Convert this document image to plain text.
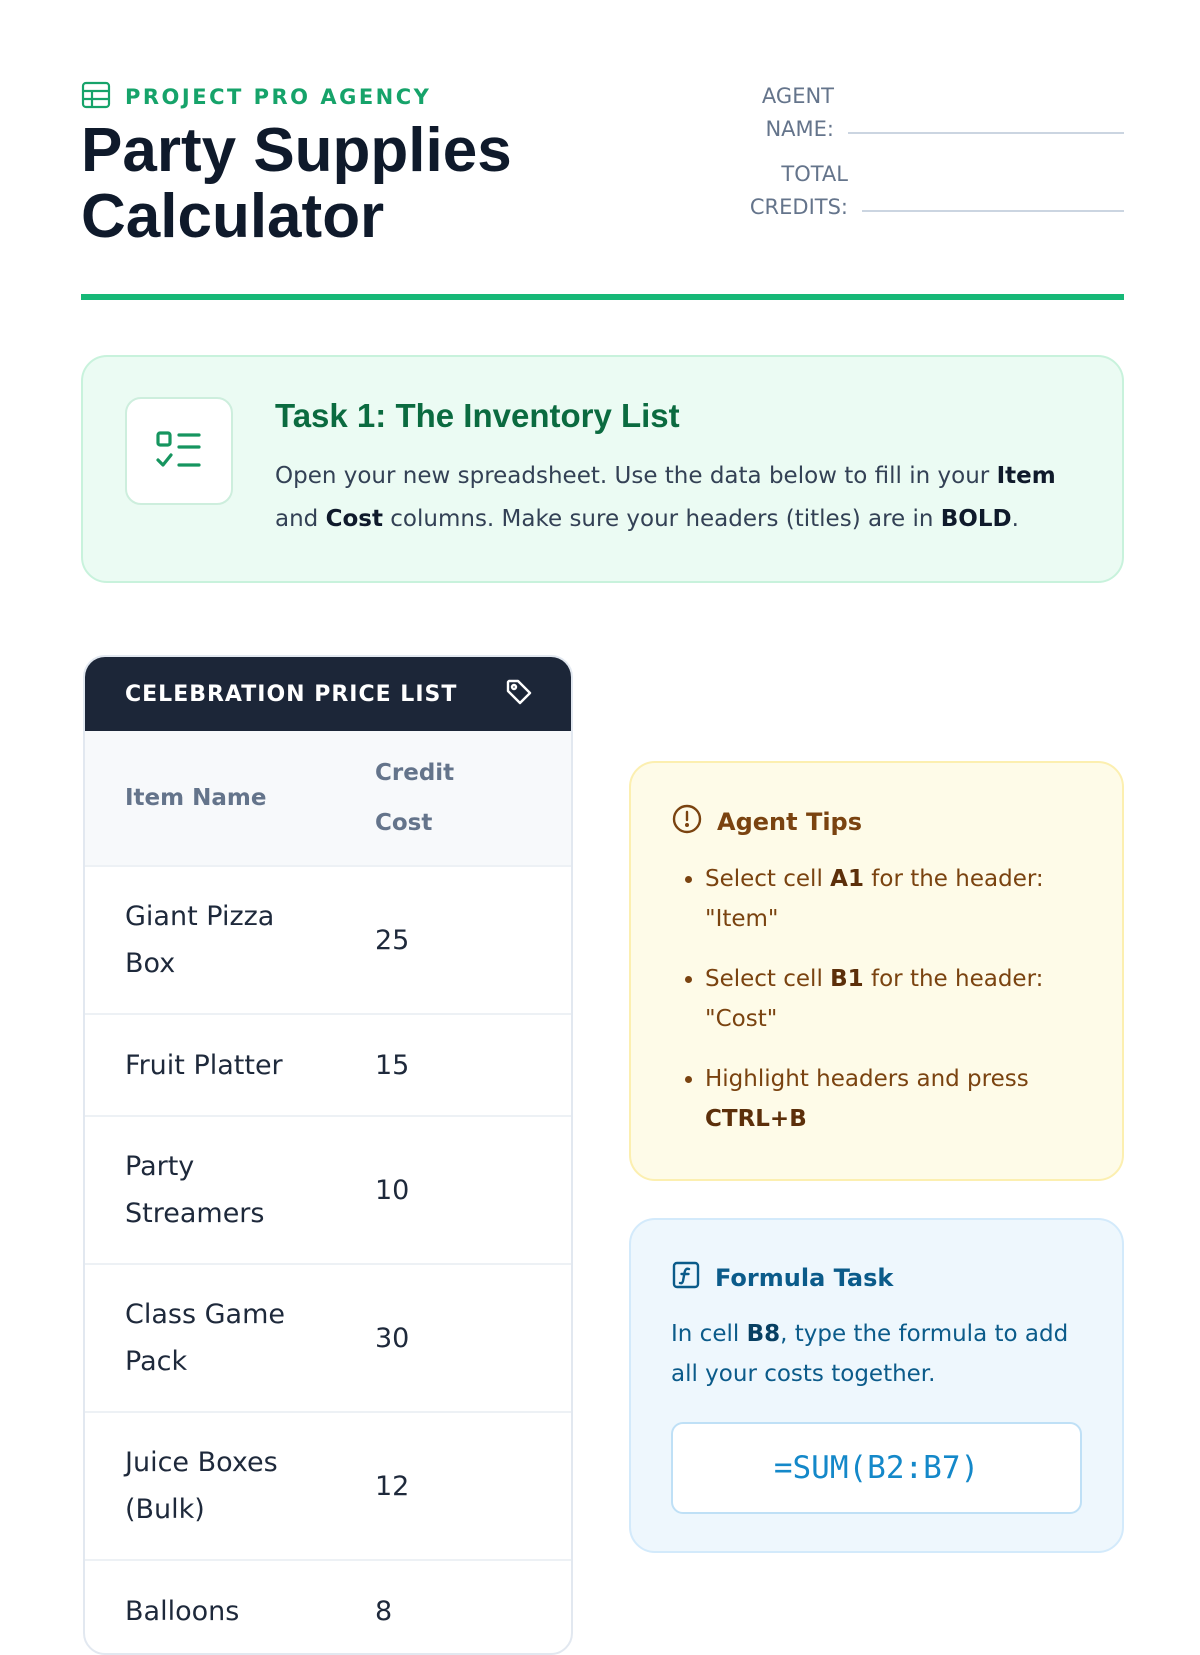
PROJECT PRO AGENCY
Party Supplies
Calculator
AGENT
NAME:
TOTAL
CREDITS:
Task 1: The Inventory List

Open your new spreadsheet. Use the data below to fill in your Item and Cost columns. Make sure your headers (titles) are in BOLD.

CELEBRATION PRICE LIST
Item Name
Credit
Cost
Giant Pizza
Box
25
Fruit Platter	15
Party
Streamers
10
Class Game
Pack
30
Juice Boxes
(Bulk)
12
Balloons	8
Agent Tips
• Select cell A1 for the header: "Item"
• Select cell B1 for the header: "Cost"
• Highlight headers and press CTRL+B
Formula Task

In cell B8, type the formula to add all your costs together.

=SUM(B2:B7)
